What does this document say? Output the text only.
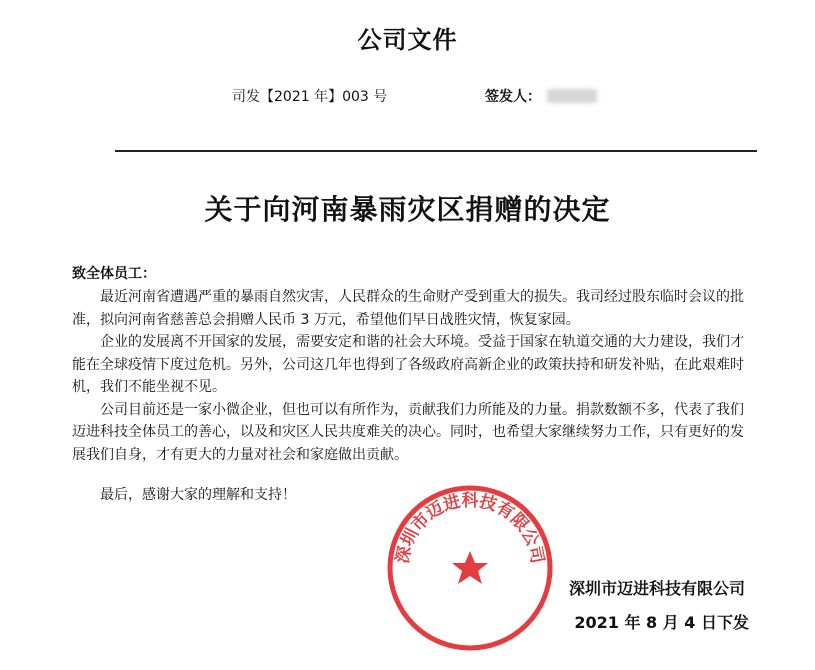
公司文件
司发【2021 年】003 号	签发人：
关于向河南暴雨灾区捐赠的决定
致全体员工：

最近河南省遭遇严重的暴雨自然灾害，人民群众的生命财产受到重大的损失。我司经过股东临时会议的批准，拟向河南省慈善总会捐赠人民币 3 万元，希望他们早日战胜灾情，恢复家园。

企业的发展离不开国家的发展，需要安定和谐的社会大环境。受益于国家在轨道交通的大力建设，我们才能在全球疫情下度过危机。另外，公司这几年也得到了各级政府高新企业的政策扶持和研发补贴，在此艰难时机，我们不能坐视不见。

公司目前还是一家小微企业，但也可以有所作为，贡献我们力所能及的力量。捐款数额不多，代表了我们迈进科技全体员工的善心，以及和灾区人民共度难关的决心。同时，也希望大家继续努力工作，只有更好的发展我们自身，才有更大的力量对社会和家庭做出贡献。

最后，感谢大家的理解和支持！
深圳市迈进科技有限公司
深圳市迈进科技有限公司
2021 年 8 月 4 日下发
